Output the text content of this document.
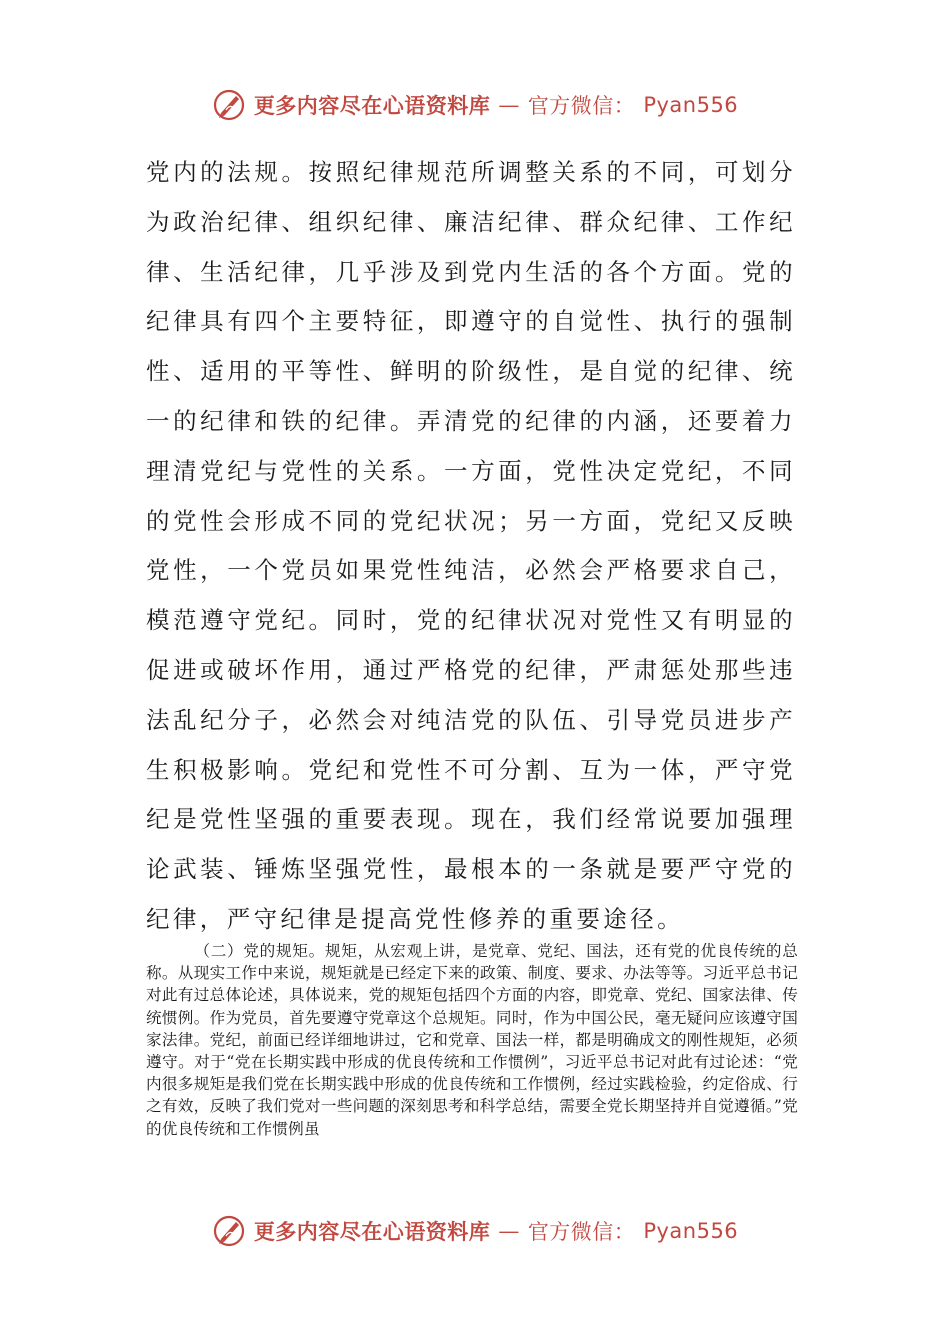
更多内容尽在心语资料库 — 官方微信： Pyan556

党内的法规。按照纪律规范所调整关系的不同，可划分为政治纪律、组织纪律、廉洁纪律、群众纪律、工作纪律、生活纪律，几乎涉及到党内生活的各个方面。党的纪律具有四个主要特征，即遵守的自觉性、执行的强制性、适用的平等性、鲜明的阶级性，是自觉的纪律、统一的纪律和铁的纪律。弄清党的纪律的内涵，还要着力理清党纪与党性的关系。一方面，党性决定党纪，不同的党性会形成不同的党纪状况；另一方面，党纪又反映党性，一个党员如果党性纯洁，必然会严格要求自己，模范遵守党纪。同时，党的纪律状况对党性又有明显的促进或破坏作用，通过严格党的纪律，严肃惩处那些违法乱纪分子，必然会对纯洁党的队伍、引导党员进步产生积极影响。党纪和党性不可分割、互为一体，严守党纪是党性坚强的重要表现。现在，我们经常说要加强理论武装、锤炼坚强党性，最根本的一条就是要严守党的纪律，严守纪律是提高党性修养的重要途径。

（二）党的规矩。规矩，从宏观上讲，是党章、党纪、国法，还有党的优良传统的总称。从现实工作中来说，规矩就是已经定下来的政策、制度、要求、办法等等。习近平总书记对此有过总体论述，具体说来，党的规矩包括四个方面的内容，即党章、党纪、国家法律、传统惯例。作为党员，首先要遵守党章这个总规矩。同时，作为中国公民，毫无疑问应该遵守国家法律。党纪，前面已经详细地讲过，它和党章、国法一样，都是明确成文的刚性规矩，必须遵守。对于“党在长期实践中形成的优良传统和工作惯例”，习近平总书记对此有过论述：“党内很多规矩是我们党在长期实践中形成的优良传统和工作惯例，经过实践检验，约定俗成、行之有效，反映了我们党对一些问题的深刻思考和科学总结，需要全党长期坚持并自觉遵循。”党的优良传统和工作惯例虽

更多内容尽在心语资料库 — 官方微信： Pyan556
